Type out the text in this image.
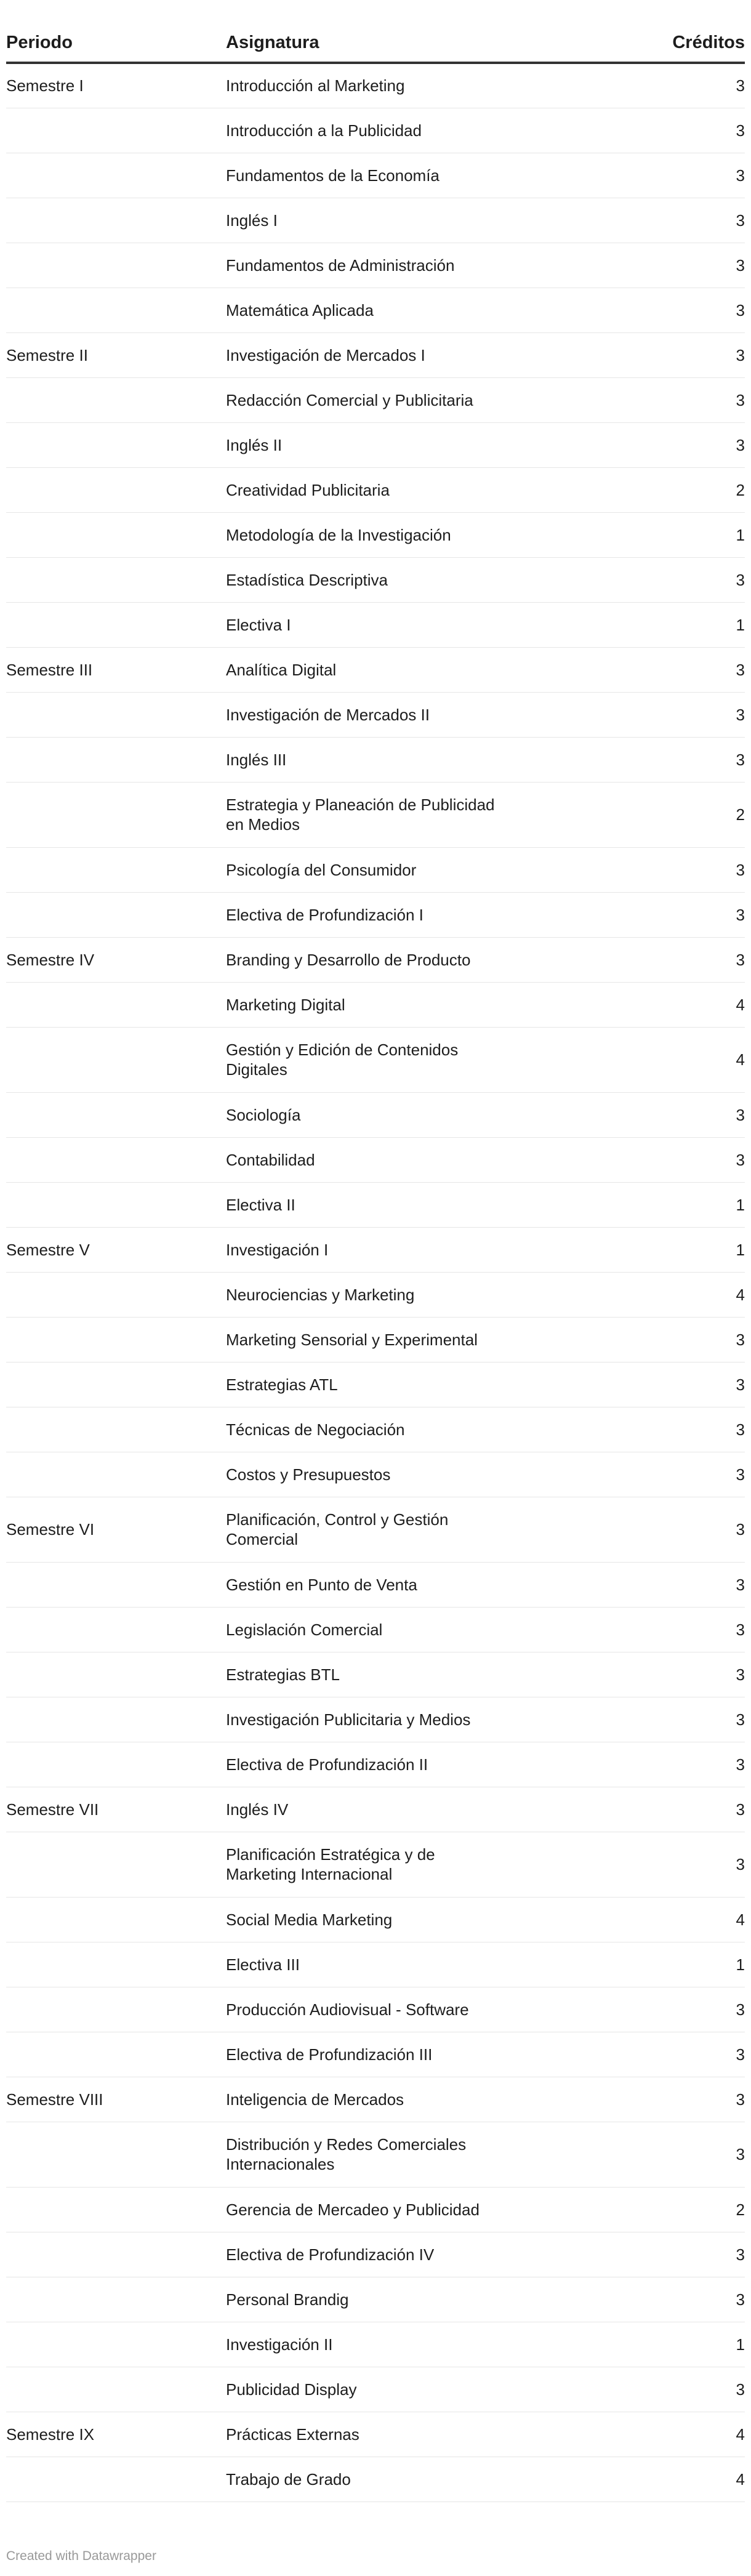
Periodo	Asignatura	Créditos
Semestre I	Introducción al Marketing	3
	Introducción a la Publicidad	3
	Fundamentos de la Economía	3
	Inglés I	3
	Fundamentos de Administración	3
	Matemática Aplicada	3
Semestre II	Investigación de Mercados I	3
	Redacción Comercial y Publicitaria	3
	Inglés II	3
	Creatividad Publicitaria	2
	Metodología de la Investigación	1
	Estadística Descriptiva	3
	Electiva I	1
Semestre III	Analítica Digital	3
	Investigación de Mercados II	3
	Inglés III	3
	Estrategia y Planeación de Publicidad en Medios	2
	Psicología del Consumidor	3
	Electiva de Profundización I	3
Semestre IV	Branding y Desarrollo de Producto	3
	Marketing Digital	4
	Gestión y Edición de Contenidos Digitales	4
	Sociología	3
	Contabilidad	3
	Electiva II	1
Semestre V	Investigación I	1
	Neurociencias y Marketing	4
	Marketing Sensorial y Experimental	3
	Estrategias ATL	3
	Técnicas de Negociación	3
	Costos y Presupuestos	3
Semestre VI	Planificación, Control y Gestión Comercial	3
	Gestión en Punto de Venta	3
	Legislación Comercial	3
	Estrategias BTL	3
	Investigación Publicitaria y Medios	3
	Electiva de Profundización II	3
Semestre VII	Inglés IV	3
	Planificación Estratégica y de Marketing Internacional	3
	Social Media Marketing	4
	Electiva III	1
	Producción Audiovisual - Software	3
	Electiva de Profundización III	3
Semestre VIII	Inteligencia de Mercados	3
	Distribución y Redes Comerciales Internacionales	3
	Gerencia de Mercadeo y Publicidad	2
	Electiva de Profundización IV	3
	Personal Brandig	3
	Investigación II	1
	Publicidad Display	3
Semestre IX	Prácticas Externas	4
	Trabajo de Grado	4
Created with Datawrapper
